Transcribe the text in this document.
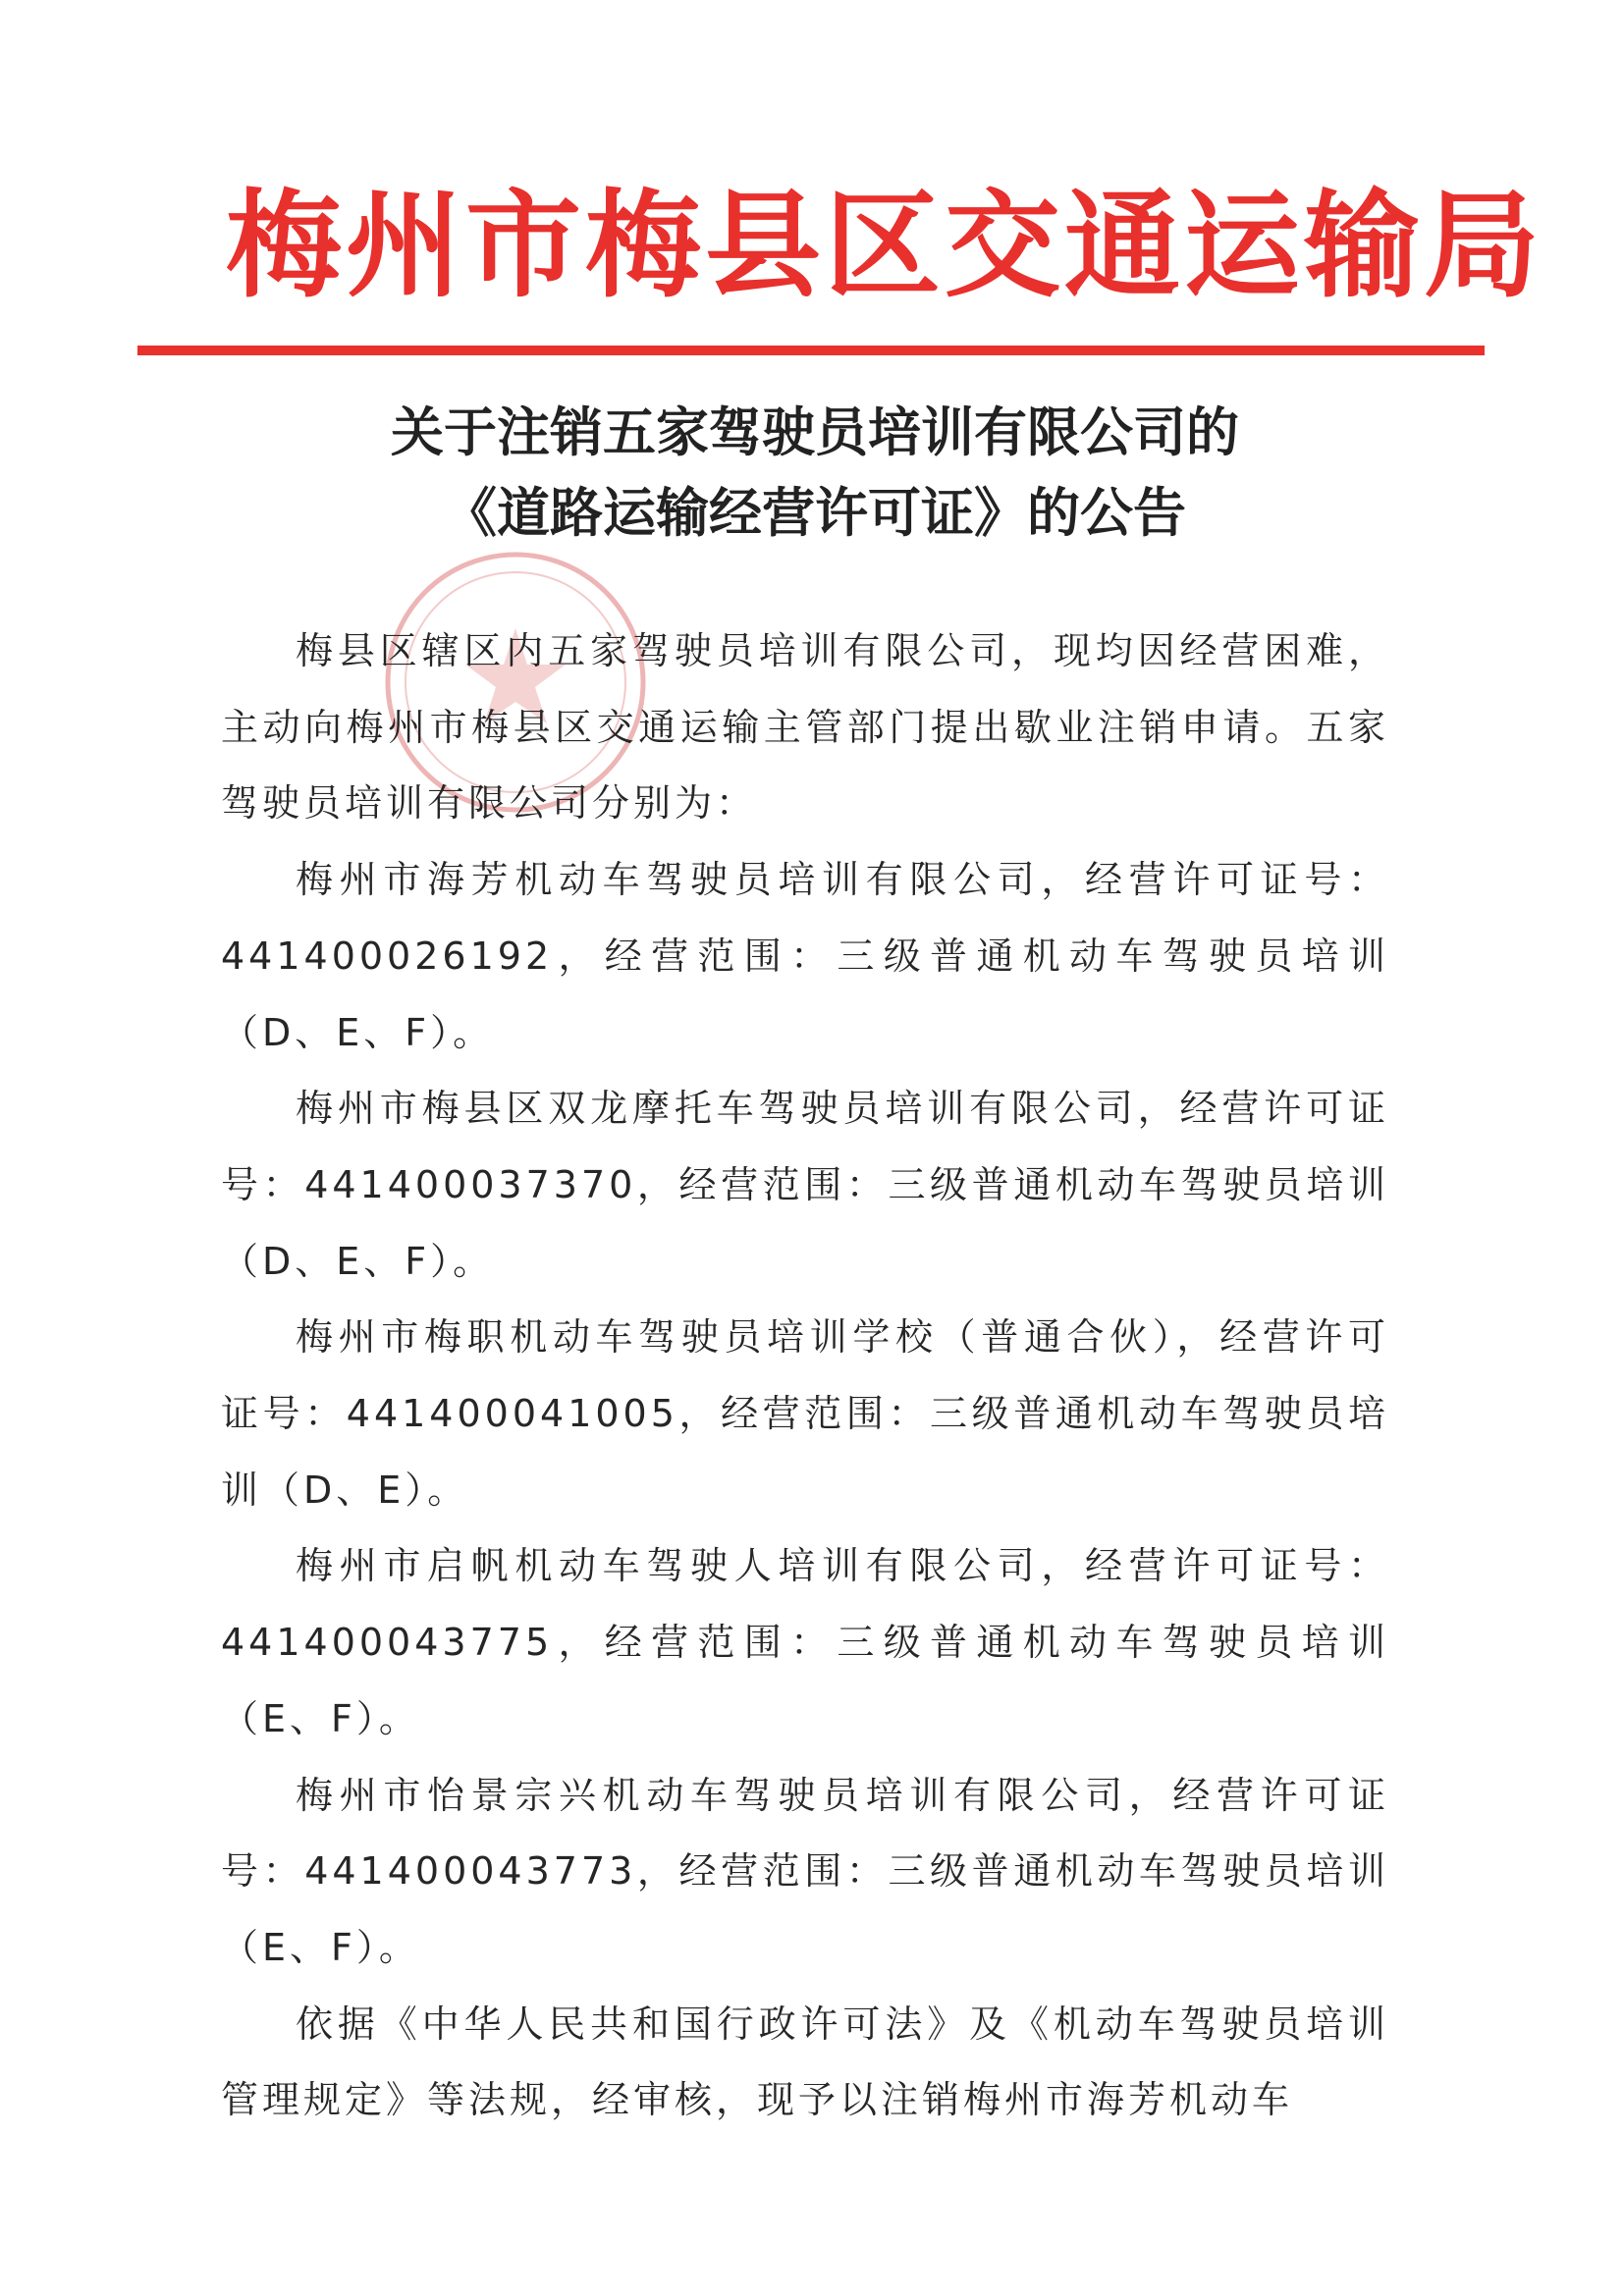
梅州市梅县区交通运输局
关于注销五家驾驶员培训有限公司的
《道路运输经营许可证》的公告

梅县区辖区内五家驾驶员培训有限公司，现均因经营困难，主动向梅州市梅县区交通运输主管部门提出歇业注销申请。五家驾驶员培训有限公司分别为：

梅州市海芳机动车驾驶员培训有限公司，经营许可证号：441400026192，经营范围：三级普通机动车驾驶员培训（D、E、F）。

梅州市梅县区双龙摩托车驾驶员培训有限公司，经营许可证号：441400037370，经营范围：三级普通机动车驾驶员培训（D、E、F）。

梅州市梅职机动车驾驶员培训学校（普通合伙），经营许可证号：441400041005，经营范围：三级普通机动车驾驶员培训（D、E）。

梅州市启帆机动车驾驶人培训有限公司，经营许可证号：441400043775，经营范围：三级普通机动车驾驶员培训（E、F）。

梅州市怡景宗兴机动车驾驶员培训有限公司，经营许可证号：441400043773，经营范围：三级普通机动车驾驶员培训（E、F）。

依据《中华人民共和国行政许可法》及《机动车驾驶员培训管理规定》等法规，经审核，现予以注销梅州市海芳机动车
